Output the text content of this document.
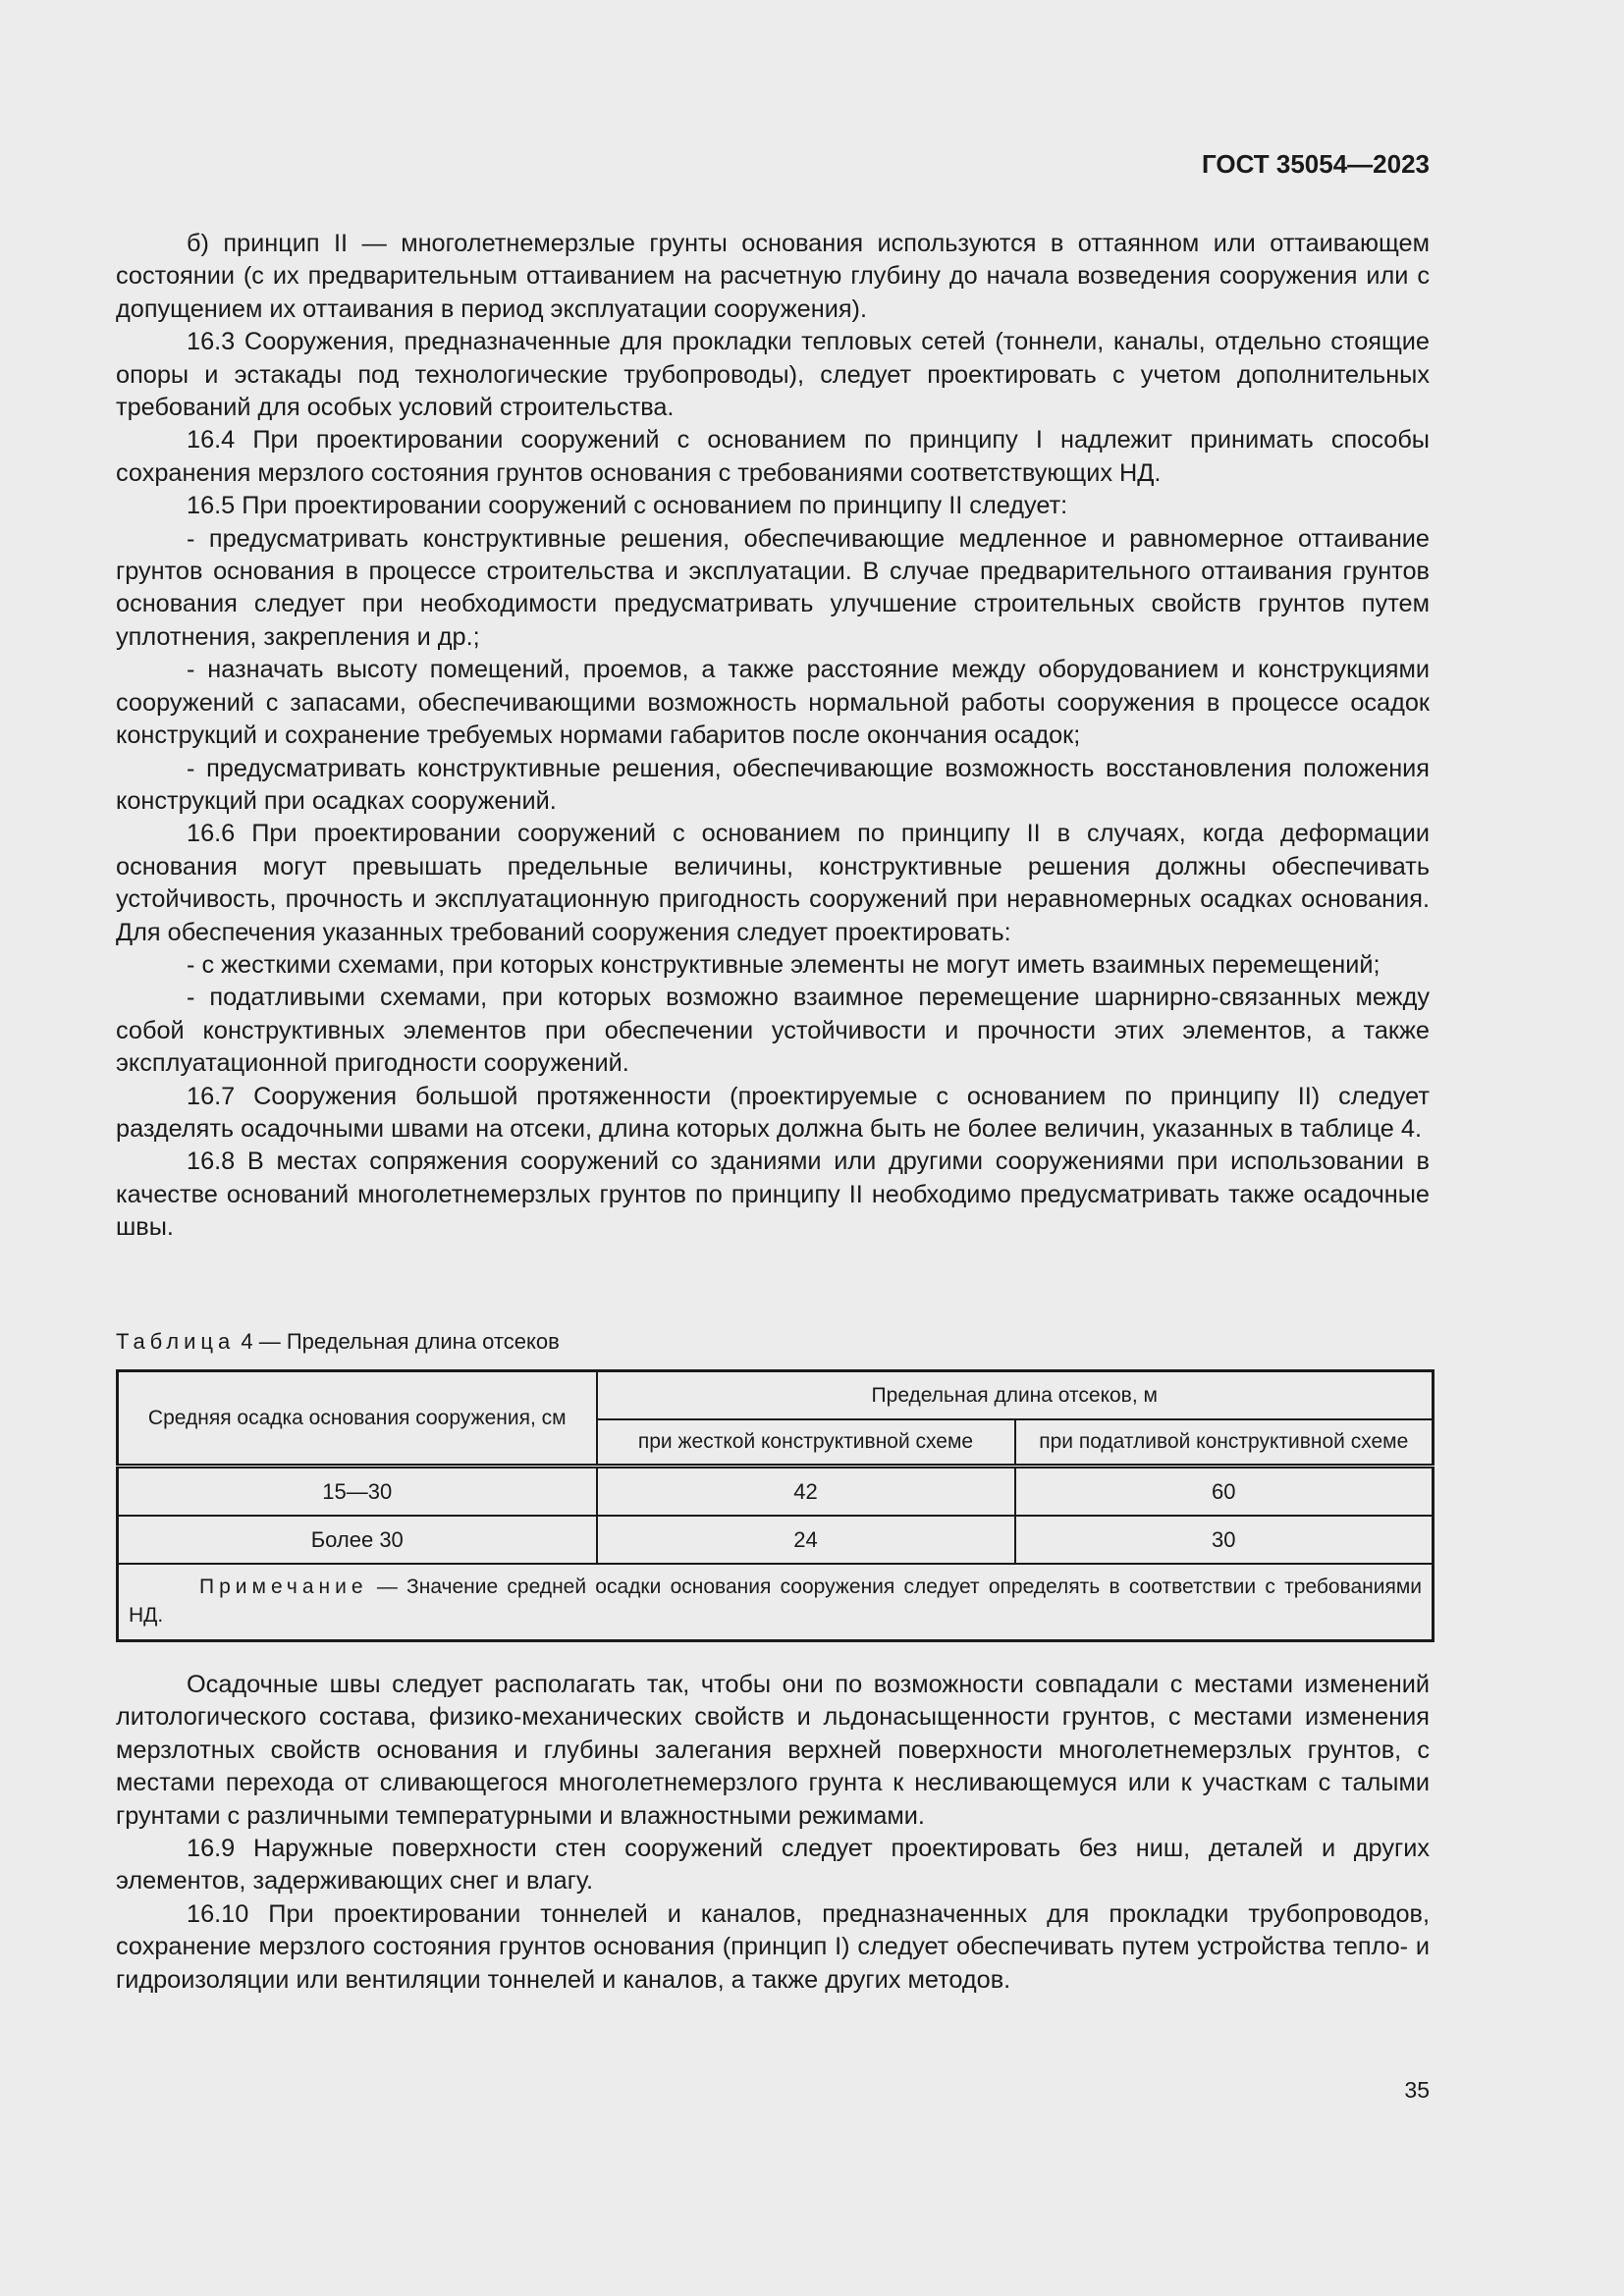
ГОСТ 35054—2023

б) принцип II — многолетнемерзлые грунты основания используются в оттаянном или оттаивающем состоянии (с их предварительным оттаиванием на расчетную глубину до начала возведения сооружения или с допущением их оттаивания в период эксплуатации сооружения).

16.3 Сооружения, предназначенные для прокладки тепловых сетей (тоннели, каналы, отдельно стоящие опоры и эстакады под технологические трубопроводы), следует проектировать с учетом дополнительных требований для особых условий строительства.

16.4 При проектировании сооружений с основанием по принципу I надлежит принимать способы сохранения мерзлого состояния грунтов основания с требованиями соответствующих НД.

16.5 При проектировании сооружений с основанием по принципу II следует:

- предусматривать конструктивные решения, обеспечивающие медленное и равномерное оттаивание грунтов основания в процессе строительства и эксплуатации. В случае предварительного оттаивания грунтов основания следует при необходимости предусматривать улучшение строительных свойств грунтов путем уплотнения, закрепления и др.;

- назначать высоту помещений, проемов, а также расстояние между оборудованием и конструкциями сооружений с запасами, обеспечивающими возможность нормальной работы сооружения в процессе осадок конструкций и сохранение требуемых нормами габаритов после окончания осадок;

- предусматривать конструктивные решения, обеспечивающие возможность восстановления положения конструкций при осадках сооружений.

16.6 При проектировании сооружений с основанием по принципу II в случаях, когда деформации основания могут превышать предельные величины, конструктивные решения должны обеспечивать устойчивость, прочность и эксплуатационную пригодность сооружений при неравномерных осадках основания. Для обеспечения указанных требований сооружения следует проектировать:

- с жесткими схемами, при которых конструктивные элементы не могут иметь взаимных перемещений;

- податливыми схемами, при которых возможно взаимное перемещение шарнирно-связанных между собой конструктивных элементов при обеспечении устойчивости и прочности этих элементов, а также эксплуатационной пригодности сооружений.

16.7 Сооружения большой протяженности (проектируемые с основанием по принципу II) следует разделять осадочными швами на отсеки, длина которых должна быть не более величин, указанных в таблице 4.

16.8 В местах сопряжения сооружений со зданиями или другими сооружениями при использовании в качестве оснований многолетнемерзлых грунтов по принципу II необходимо предусматривать также осадочные швы.

Таблица 4 — Предельная длина отсеков
Средняя осадка основания сооружения, см	Предельная длина отсеков, м	
	при жесткой конструктивной схеме	при податливой конструктивной схеме
15—30	42	60
Более 30	24	30
Примечание — Значение средней осадки основания сооружения следует определять в соответствии с требованиями НД.		

Осадочные швы следует располагать так, чтобы они по возможности совпадали с местами изменений литологического состава, физико-механических свойств и льдонасыщенности грунтов, с местами изменения мерзлотных свойств основания и глубины залегания верхней поверхности многолетнемерзлых грунтов, с местами перехода от сливающегося многолетнемерзлого грунта к несливающемуся или к участкам с талыми грунтами с различными температурными и влажностными режимами.

16.9 Наружные поверхности стен сооружений следует проектировать без ниш, деталей и других элементов, задерживающих снег и влагу.

16.10 При проектировании тоннелей и каналов, предназначенных для прокладки трубопроводов, сохранение мерзлого состояния грунтов основания (принцип I) следует обеспечивать путем устройства тепло- и гидроизоляции или вентиляции тоннелей и каналов, а также других методов.

35
